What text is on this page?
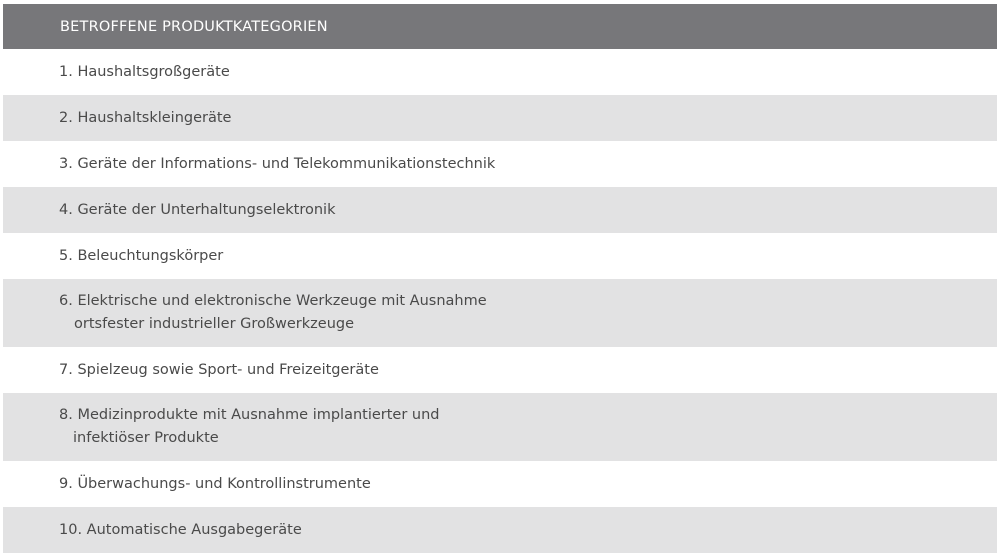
BETROFFENE PRODUKTKATEGORIEN
1. Haushaltsgroßgeräte
2. Haushaltskleingeräte
3. Geräte der Informations- und Telekommunikationstechnik
4. Geräte der Unterhaltungselektronik
5. Beleuchtungskörper
6. Elektrische und elektronische Werkzeuge mit Ausnahme
ortsfester industrieller Großwerkzeuge
7. Spielzeug sowie Sport- und Freizeitgeräte
8. Medizinprodukte mit Ausnahme implantierter und
infektiöser Produkte
9. Überwachungs- und Kontrollinstrumente
10. Automatische Ausgabegeräte
